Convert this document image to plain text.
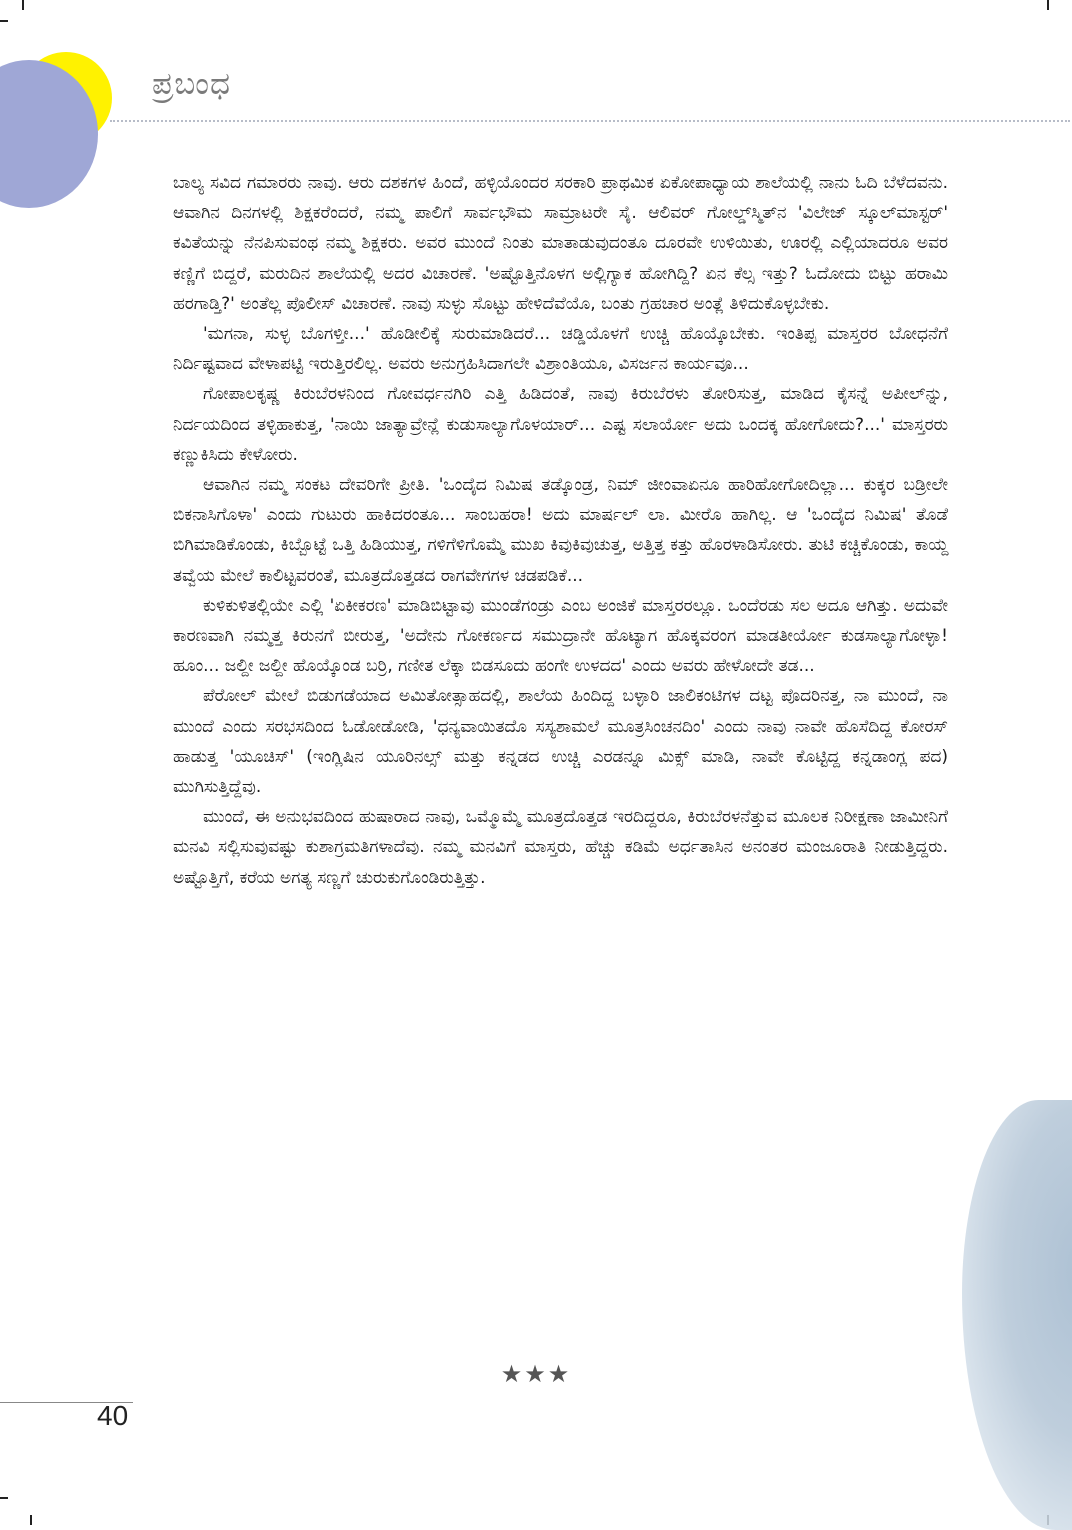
ಪ್ರಬಂಧ

ಬಾಲ್ಯ ಸವಿದ ಗಮಾರರು ನಾವು. ಆರು ದಶಕಗಳ ಹಿಂದೆ, ಹಳ್ಳಿಯೊಂದರ ಸರಕಾರಿ ಪ್ರಾಥಮಿಕ ಏಕೋಪಾಧ್ಯಾಯ ಶಾಲೆಯಲ್ಲಿ ನಾನು ಓದಿ ಬೆಳೆದವನು. ಆವಾಗಿನ ದಿನಗಳಲ್ಲಿ ಶಿಕ್ಷಕರೆಂದರೆ, ನಮ್ಮ ಪಾಲಿಗೆ ಸಾರ್ವಭೌಮ ಸಾಮ್ರಾಟರೇ ಸೈ. ಆಲಿವರ್ ಗೋಲ್ಡ್‌ಸ್ಮಿತ್‌ನ 'ವಿಲೇಜ್ ಸ್ಕೂಲ್‌ಮಾಸ್ಟರ್' ಕವಿತೆಯನ್ನು ನೆನಪಿಸುವಂಥ ನಮ್ಮ ಶಿಕ್ಷಕರು. ಅವರ ಮುಂದೆ ನಿಂತು ಮಾತಾಡುವುದಂತೂ ದೂರವೇ ಉಳಿಯಿತು, ಊರಲ್ಲಿ ಎಲ್ಲಿಯಾದರೂ ಅವರ ಕಣ್ಣಿಗೆ ಬಿದ್ದರೆ, ಮರುದಿನ ಶಾಲೆಯಲ್ಲಿ ಅದರ ವಿಚಾರಣೆ. 'ಅಷ್ಟೊತ್ತಿನೊಳಗ ಅಲ್ಲಿಗ್ಯಾಕ ಹೋಗಿದ್ದಿ? ಏನ ಕೆಲ್ಸ ಇತ್ತು? ಓದೋದು ಬಿಟ್ಟು ಹರಾಮಿ ಹರಗಾಡ್ತಿ?' ಅಂತೆಲ್ಲ ಪೊಲೀಸ್ ವಿಚಾರಣೆ. ನಾವು ಸುಳ್ಳು ಸೊಟ್ಟು ಹೇಳಿದೆವೆಯೊ, ಬಂತು ಗ್ರಹಚಾರ ಅಂತ್ಲೆ ತಿಳಿದುಕೊಳ್ಳಬೇಕು.

'ಮಗನಾ, ಸುಳ್ಳ ಬೊಗಳ್ತೀ...' ಹೊಡೀಲಿಕ್ಕೆ ಸುರುಮಾಡಿದರೆ... ಚಡ್ಡಿಯೊಳಗೆ ಉಚ್ಚಿ ಹೊಯ್ಕೊಬೇಕು. ಇಂತಿಪ್ಪ ಮಾಸ್ತರರ ಬೋಧನೆಗೆ ನಿರ್ದಿಷ್ಟವಾದ ವೇಳಾಪಟ್ಟಿ ಇರುತ್ತಿರಲಿಲ್ಲ. ಅವರು ಅನುಗ್ರಹಿಸಿದಾಗಲೇ ವಿಶ್ರಾಂತಿಯೂ, ವಿಸರ್ಜನ ಕಾರ್ಯವೂ...

ಗೋಪಾಲಕೃಷ್ಣ ಕಿರುಬೆರಳನಿಂದ ಗೋವರ್ಧನಗಿರಿ ಎತ್ತಿ ಹಿಡಿದಂತೆ, ನಾವು ಕಿರುಬೆರಳು ತೋರಿಸುತ್ತ, ಮಾಡಿದ ಕೈಸನ್ನೆ ಅಪೀಲ್‌ನ್ನು, ನಿರ್ದಯದಿಂದ ತಳ್ಳಿಹಾಕುತ್ತ, 'ನಾಯಿ ಜಾತ್ಯಾವ್ರೇನ್ಲೆ ಕುಡುಸಾಲ್ಯಾಗೊಳಯಾರ್... ಎಷ್ಟ ಸಲಾರ್ಯೋ ಅದು ಒಂದಕ್ಕ ಹೋಗೋದು?...' ಮಾಸ್ತರರು ಕಣ್ಣುಕಿಸಿದು ಕೇಳೋರು.

ಆವಾಗಿನ ನಮ್ಮ ಸಂಕಟ ದೇವರಿಗೇ ಪ್ರೀತಿ. 'ಒಂದೈದ ನಿಮಿಷ ತಡ್ಕೊಂಡ್ರ, ನಿಮ್ ಜೀಂವಾಏನೂ ಹಾರಿಹೋಗೋದಿಲ್ಲಾ... ಕುಕ್ಕರ ಬಡ್ರೀಲೇ ಬಿಕನಾಸಿಗೊಳಾ' ಎಂದು ಗುಟುರು ಹಾಕಿದರಂತೂ... ಸಾಂಬಹರಾ! ಅದು ಮಾರ್ಷಲ್ ಲಾ. ಮೀರೊ ಹಾಗಿಲ್ಲ. ಆ 'ಒಂದೈದ ನಿಮಿಷ' ತೊಡೆ ಬಿಗಿಮಾಡಿಕೊಂಡು, ಕಿಬ್ಬೊಟ್ಟೆ ಒತ್ತಿ ಹಿಡಿಯುತ್ತ, ಗಳಿಗೆಳಿಗೊಮ್ಮೆ ಮುಖ ಕಿವುಕಿವುಚುತ್ತ, ಅತ್ತಿತ್ತ ಕತ್ತು ಹೊರಳಾಡಿಸೋರು. ತುಟಿ ಕಚ್ಚಿಕೊಂಡು, ಕಾಯ್ದ ತವ್ವೆಯ ಮೇಲೆ ಕಾಲಿಟ್ಟವರಂತೆ, ಮೂತ್ರದೊತ್ತಡದ ರಾಗವೇಗಗಳ ಚಡಪಡಿಕೆ...

ಕುಳಿಕುಳಿತಲ್ಲಿಯೇ ಎಲ್ಲಿ 'ಏಕೀಕರಣ' ಮಾಡಿಬಿಟ್ಟಾವು ಮುಂಡೆಗಂಡ್ರು ಎಂಬ ಅಂಜಿಕೆ ಮಾಸ್ತರರಲ್ಲೂ. ಒಂದೆರಡು ಸಲ ಅದೂ ಆಗಿತ್ತು. ಅದುವೇ ಕಾರಣವಾಗಿ ನಮ್ಮತ್ತ ಕಿರುನಗೆ ಬೀರುತ್ತ, 'ಅದೇನು ಗೋಕರ್ಣದ ಸಮುದ್ರಾನೇ ಹೊಟ್ಯಾಗ ಹೊಕ್ಕವರಂಗ ಮಾಡತೀರ್ಯೋ ಕುಡಸಾಲ್ಯಾಗೋಳ್ಳಾ! ಹೂಂ... ಜಲ್ದೀ ಜಲ್ದೀ ಹೊಯ್ಕೊಂಡ ಬರ್ರಿ, ಗಣೀತ ಲೆಕ್ಕಾ ಬಿಡಸೂದು ಹಂಗೇ ಉಳದದ' ಎಂದು ಅವರು ಹೇಳೋದೇ ತಡ...

ಪೆರೋಲ್ ಮೇಲೆ ಬಿಡುಗಡೆಯಾದ ಅಮಿತೋತ್ಸಾಹದಲ್ಲಿ, ಶಾಲೆಯ ಹಿಂದಿದ್ದ ಬಳ್ಳಾರಿ ಜಾಲಿಕಂಟಿಗಳ ದಟ್ಟ ಪೊದರಿನತ್ತ, ನಾ ಮುಂದೆ, ನಾ ಮುಂದೆ ಎಂದು ಸರಭಸದಿಂದ ಓಡೋಡೋಡಿ, 'ಧನ್ಯವಾಯಿತದೊ ಸಸ್ಯಶಾಮಲೆ ಮೂತ್ರಸಿಂಚನದಿಂ' ಎಂದು ನಾವು ನಾವೇ ಹೊಸೆದಿದ್ದ ಕೋರಸ್ ಹಾಡುತ್ತ 'ಯೂಚಿಸ್' (ಇಂಗ್ಲಿಷಿನ ಯೂರಿನಲ್ಸ್ ಮತ್ತು ಕನ್ನಡದ ಉಚ್ಚಿ ಎರಡನ್ನೂ ಮಿಕ್ಸ್ ಮಾಡಿ, ನಾವೇ ಕೊಟ್ಟಿದ್ದ ಕನ್ನಡಾಂಗ್ಲ ಪದ) ಮುಗಿಸುತ್ತಿದ್ದೆವು.

ಮುಂದೆ, ಈ ಅನುಭವದಿಂದ ಹುಷಾರಾದ ನಾವು, ಒಮ್ಮೊಮ್ಮೆ ಮೂತ್ರದೊತ್ತಡ ಇರದಿದ್ದರೂ, ಕಿರುಬೆರಳನೆತ್ತುವ ಮೂಲಕ ನಿರೀಕ್ಷಣಾ ಜಾಮೀನಿಗೆ ಮನವಿ ಸಲ್ಲಿಸುವುವಷ್ಟು ಕುಶಾಗ್ರಮತಿಗಳಾದೆವು. ನಮ್ಮ ಮನವಿಗೆ ಮಾಸ್ತರು, ಹೆಚ್ಚು ಕಡಿಮೆ ಅರ್ಧತಾಸಿನ ಅನಂತರ ಮಂಜೂರಾತಿ ನೀಡುತ್ತಿದ್ದರು. ಅಷ್ಟೊತ್ತಿಗೆ, ಕರೆಯ ಅಗತ್ಯ ಸಣ್ಣಗೆ ಚುರುಕುಗೊಂಡಿರುತ್ತಿತ್ತು.

★★★
40
